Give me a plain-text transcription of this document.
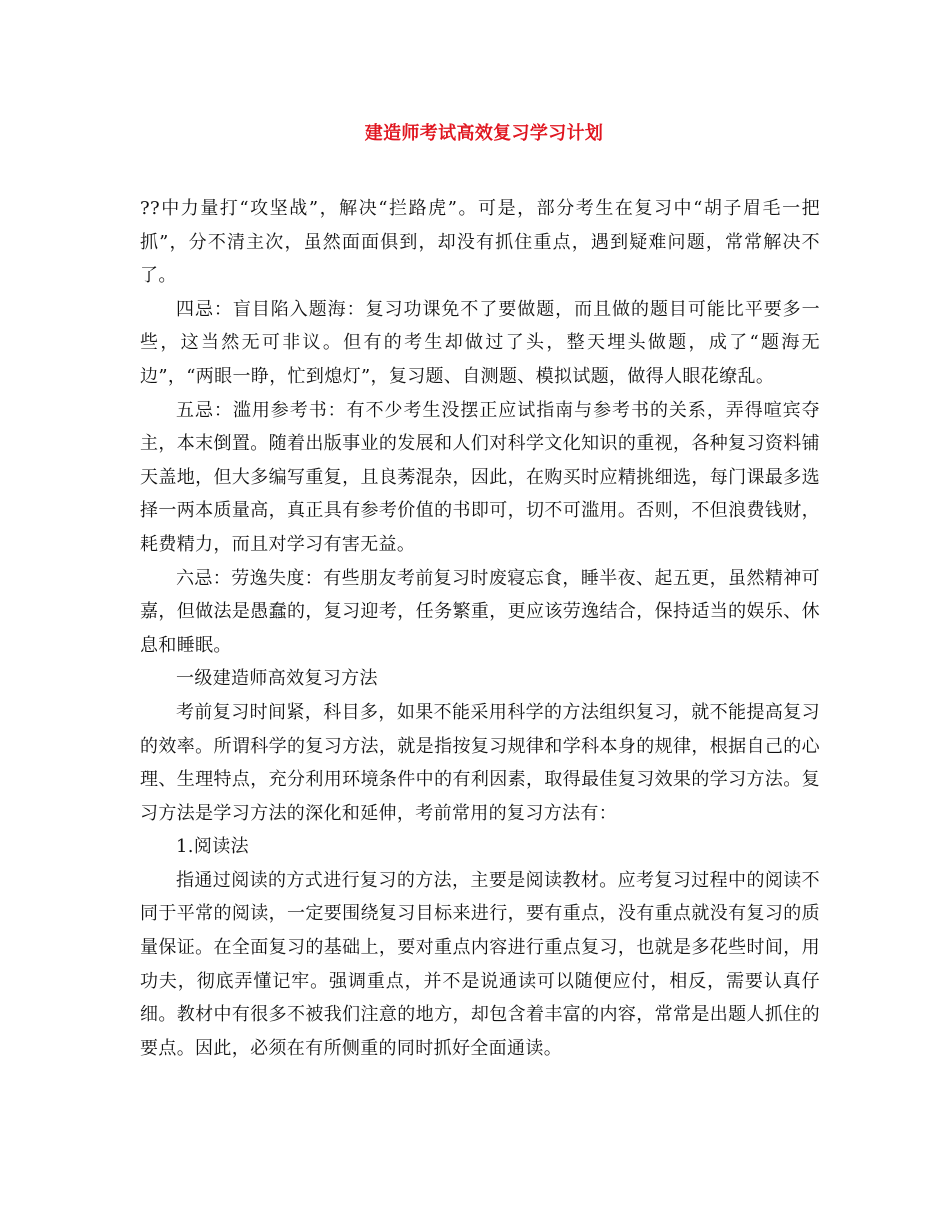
建造师考试高效复习学习计划

??中力量打“攻坚战”，解决“拦路虎”。可是，部分考生在复习中“胡子眉毛一把抓”，分不清主次，虽然面面俱到，却没有抓住重点，遇到疑难问题，常常解决不了。

四忌：盲目陷入题海：复习功课免不了要做题，而且做的题目可能比平要多一些，这当然无可非议。但有的考生却做过了头，整天埋头做题，成了“题海无边”，“两眼一睁，忙到熄灯”，复习题、自测题、模拟试题，做得人眼花缭乱。

五忌：滥用参考书：有不少考生没摆正应试指南与参考书的关系，弄得喧宾夺主，本末倒置。随着出版事业的发展和人们对科学文化知识的重视，各种复习资料铺天盖地，但大多编写重复，且良莠混杂，因此，在购买时应精挑细选，每门课最多选择一两本质量高，真正具有参考价值的书即可，切不可滥用。否则，不但浪费钱财，耗费精力，而且对学习有害无益。

六忌：劳逸失度：有些朋友考前复习时废寝忘食，睡半夜、起五更，虽然精神可嘉，但做法是愚蠢的，复习迎考，任务繁重，更应该劳逸结合，保持适当的娱乐、休息和睡眠。

一级建造师高效复习方法

考前复习时间紧，科目多，如果不能采用科学的方法组织复习，就不能提高复习的效率。所谓科学的复习方法，就是指按复习规律和学科本身的规律，根据自己的心理、生理特点，充分利用环境条件中的有利因素，取得最佳复习效果的学习方法。复习方法是学习方法的深化和延伸，考前常用的复习方法有：

1.阅读法

指通过阅读的方式进行复习的方法，主要是阅读教材。应考复习过程中的阅读不同于平常的阅读，一定要围绕复习目标来进行，要有重点，没有重点就没有复习的质量保证。在全面复习的基础上，要对重点内容进行重点复习，也就是多花些时间，用功夫，彻底弄懂记牢。强调重点，并不是说通读可以随便应付，相反，需要认真仔细。教材中有很多不被我们注意的地方，却包含着丰富的内容，常常是出题人抓住的要点。因此，必须在有所侧重的同时抓好全面通读。
